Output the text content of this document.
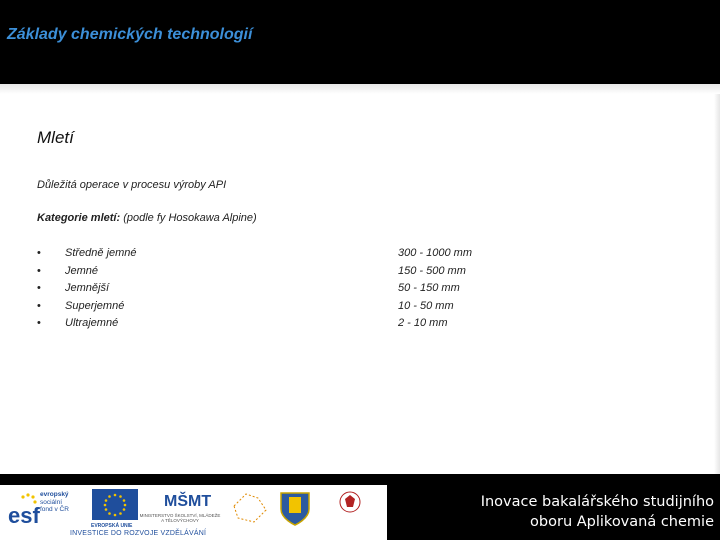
Základy chemických technologií
Mletí
Důležitá operace v procesu výroby API
Kategorie mletí: (podle fy Hosokawa Alpine)
• Středně jemné	300 - 1000 mm
• Jemné	150 - 500 mm
• Jemnější	50 - 150 mm
• Superjemné	10 - 50 mm
• Ultrajemné	2 - 10 mm
esf
evropský
sociální
fond v ČR
EVROPSKÁ UNIE
MŠMT
MINISTERSTVO ŠKOLSTVÍ, MLÁDEŽE A TĚLOVÝCHOVY
INVESTICE DO ROZVOJE VZDĚLÁVÁNÍ
Inovace bakalářského studijního
oboru Aplikovaná chemie
